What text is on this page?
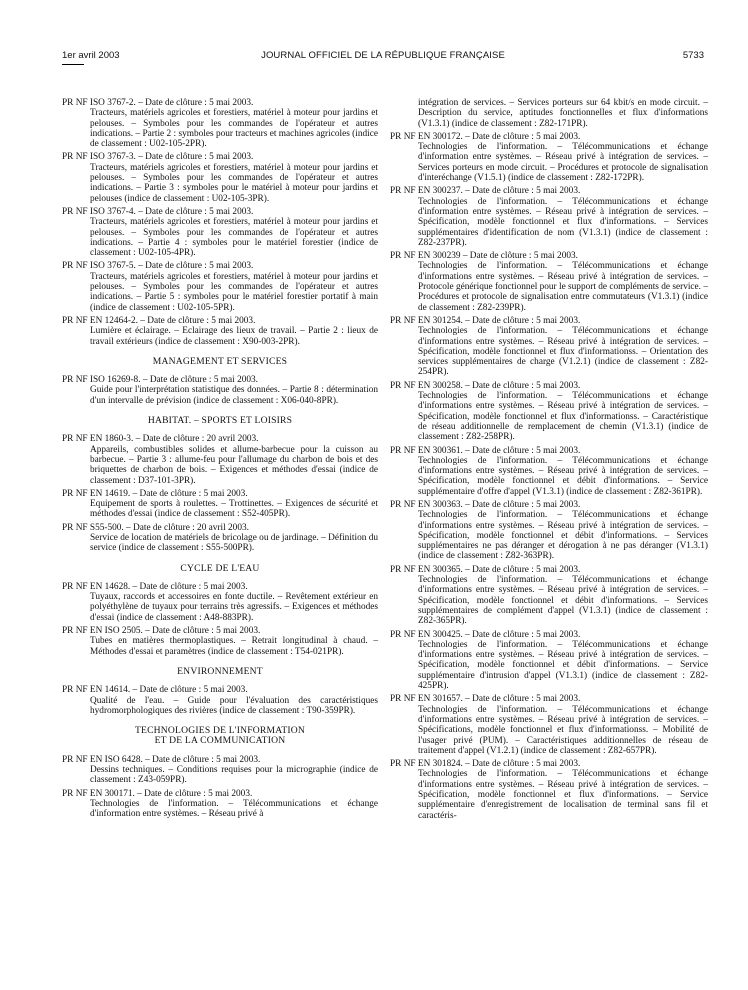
1er avril 2003	JOURNAL OFFICIEL DE LA RÉPUBLIQUE FRANÇAISE	5733
PR NF ISO 3767-2. – Date de clôture : 5 mai 2003.
Tracteurs, matériels agricoles et forestiers, matériel à moteur pour jardins et pelouses. – Symboles pour les commandes de l'opérateur et autres indications. – Partie 2 : symboles pour tracteurs et machines agricoles (indice de classement : U02-105-2PR).
PR NF ISO 3767-3. – Date de clôture : 5 mai 2003.
Tracteurs, matériels agricoles et forestiers, matériel à moteur pour jardins et pelouses. – Symboles pour les commandes de l'opérateur et autres indications. – Partie 3 : symboles pour le matériel à moteur pour jardins et pelouses (indice de classement : U02-105-3PR).
PR NF ISO 3767-4. – Date de clôture : 5 mai 2003.
Tracteurs, matériels agricoles et forestiers, matériel à moteur pour jardins et pelouses. – Symboles pour les commandes de l'opérateur et autres indications. – Partie 4 : symboles pour le matériel forestier (indice de classement : U02-105-4PR).
PR NF ISO 3767-5. – Date de clôture : 5 mai 2003.
Tracteurs, matériels agricoles et forestiers, matériel à moteur pour jardins et pelouses. – Symboles pour les commandes de l'opérateur et autres indications. – Partie 5 : symboles pour le matériel forestier portatif à main (indice de classement : U02-105-5PR).
PR NF EN 12464-2. – Date de clôture : 5 mai 2003.
Lumière et éclairage. – Eclairage des lieux de travail. – Partie 2 : lieux de travail extérieurs (indice de classement : X90-003-2PR).
MANAGEMENT ET SERVICES
PR NF ISO 16269-8. – Date de clôture : 5 mai 2003.
Guide pour l'interprétation statistique des données. – Partie 8 : détermination d'un intervalle de prévision (indice de classement : X06-040-8PR).
HABITAT. – SPORTS ET LOISIRS
PR NF EN 1860-3. – Date de clôture : 20 avril 2003.
Appareils, combustibles solides et allume-barbecue pour la cuisson au barbecue. – Partie 3 : allume-feu pour l'allumage du charbon de bois et des briquettes de charbon de bois. – Exigences et méthodes d'essai (indice de classement : D37-101-3PR).
PR NF EN 14619. – Date de clôture : 5 mai 2003.
Equipement de sports à roulettes. – Trottinettes. – Exigences de sécurité et méthodes d'essai (indice de classement : S52-405PR).
PR NF S55-500. – Date de clôture : 20 avril 2003.
Service de location de matériels de bricolage ou de jardinage. – Définition du service (indice de classement : S55-500PR).
CYCLE DE L'EAU
PR NF EN 14628. – Date de clôture : 5 mai 2003.
Tuyaux, raccords et accessoires en fonte ductile. – Revêtement extérieur en polyéthylène de tuyaux pour terrains très agressifs. – Exigences et méthodes d'essai (indice de classement : A48-883PR).
PR NF EN ISO 2505. – Date de clôture : 5 mai 2003.
Tubes en matières thermoplastiques. – Retrait longitudinal à chaud. – Méthodes d'essai et paramètres (indice de classement : T54-021PR).
ENVIRONNEMENT
PR NF EN 14614. – Date de clôture : 5 mai 2003.
Qualité de l'eau. – Guide pour l'évaluation des caractéristiques hydromorphologiques des rivières (indice de classement : T90-359PR).
TECHNOLOGIES DE L'INFORMATION
ET DE LA COMMUNICATION
PR NF EN ISO 6428. – Date de clôture : 5 mai 2003.
Dessins techniques. – Conditions requises pour la micrographie (indice de classement : Z43-059PR).
PR NF EN 300171. – Date de clôture : 5 mai 2003.
Technologies de l'information. – Télécommunications et échange d'information entre systèmes. – Réseau privé à
intégration de services. – Services porteurs sur 64 kbit/s en mode circuit. – Description du service, aptitudes fonctionnelles et flux d'informations (V1.3.1) (indice de classement : Z82-171PR).
PR NF EN 300172. – Date de clôture : 5 mai 2003.
Technologies de l'information. – Télécommunications et échange d'information entre systèmes. – Réseau privé à intégration de services. – Services porteurs en mode circuit. – Procédures et protocole de signalisation d'interéchange (V1.5.1) (indice de classement : Z82-172PR).
PR NF EN 300237. – Date de clôture : 5 mai 2003.
Technologies de l'information. – Télécommunications et échange d'information entre systèmes. – Réseau privé à intégration de services. – Spécification, modèle fonctionnel et flux d'informations. – Services supplémentaires d'identification de nom (V1.3.1) (indice de classement : Z82-237PR).
PR NF EN 300239 – Date de clôture : 5 mai 2003.
Technologies de l'information. – Télécommunications et échange d'informations entre systèmes. – Réseau privé à intégration de services. – Protocole générique fonctionnel pour le support de compléments de service. – Procédures et protocole de signalisation entre commutateurs (V1.3.1) (indice de classement : Z82-239PR).
PR NF EN 301254. – Date de clôture : 5 mai 2003.
Technologies de l'information. – Télécommunications et échange d'informations entre systèmes. – Réseau privé à intégration de services. – Spécification, modèle fonctionnel et flux d'informationss. – Orientation des services supplémentaires de charge (V1.2.1) (indice de classement : Z82-254PR).
PR NF EN 300258. – Date de clôture : 5 mai 2003.
Technologies de l'information. – Télécommunications et échange d'informations entre systèmes. – Réseau privé à intégration de services. – Spécification, modèle fonctionnel et flux d'informationss. – Caractéristique de réseau additionnelle de remplacement de chemin (V1.3.1) (indice de classement : Z82-258PR).
PR NF EN 300361. – Date de clôture : 5 mai 2003.
Technologies de l'information. – Télécommunications et échange d'informations entre systèmes. – Réseau privé à intégration de services. – Spécification, modèle fonctionnel et débit d'informations. – Service supplémentaire d'offre d'appel (V1.3.1) (indice de classement : Z82-361PR).
PR NF EN 300363. – Date de clôture : 5 mai 2003.
Technologies de l'information. – Télécommunications et échange d'informations entre systèmes. – Réseau privé à intégration de services. – Spécification, modèle fonctionnel et débit d'informations. – Services supplémentaires ne pas déranger et dérogation à ne pas déranger (V1.3.1) (indice de classement : Z82-363PR).
PR NF EN 300365. – Date de clôture : 5 mai 2003.
Technologies de l'information. – Télécommunications et échange d'informations entre systèmes. – Réseau privé à intégration de services. – Spécification, modèle fonctionnel et débit d'informations. – Services supplémentaires de complément d'appel (V1.3.1) (indice de classement : Z82-365PR).
PR NF EN 300425. – Date de clôture : 5 mai 2003.
Technologies de l'information. – Télécommunications et échange d'informations entre systèmes. – Réseau privé à intégration de services. – Spécification, modèle fonctionnel et débit d'informations. – Service supplémentaire d'intrusion d'appel (V1.3.1) (indice de classement : Z82-425PR).
PR NF EN 301657. – Date de clôture : 5 mai 2003.
Technologies de l'information. – Télécommunications et échange d'informations entre systèmes. – Réseau privé à intégration de services. – Spécifications, modèle fonctionnel et flux d'informationss. – Mobilité de l'usager privé (PUM). – Caractéristiques additionnelles de réseau de traitement d'appel (V1.2.1) (indice de classement : Z82-657PR).
PR NF EN 301824. – Date de clôture : 5 mai 2003.
Technologies de l'information. – Télécommunications et échange d'informations entre systèmes. – Réseau privé à intégration de services. – Spécification, modèle fonctionnel et flux d'informations. – Service supplémentaire d'enregistrement de localisation de terminal sans fil et caractéris-
